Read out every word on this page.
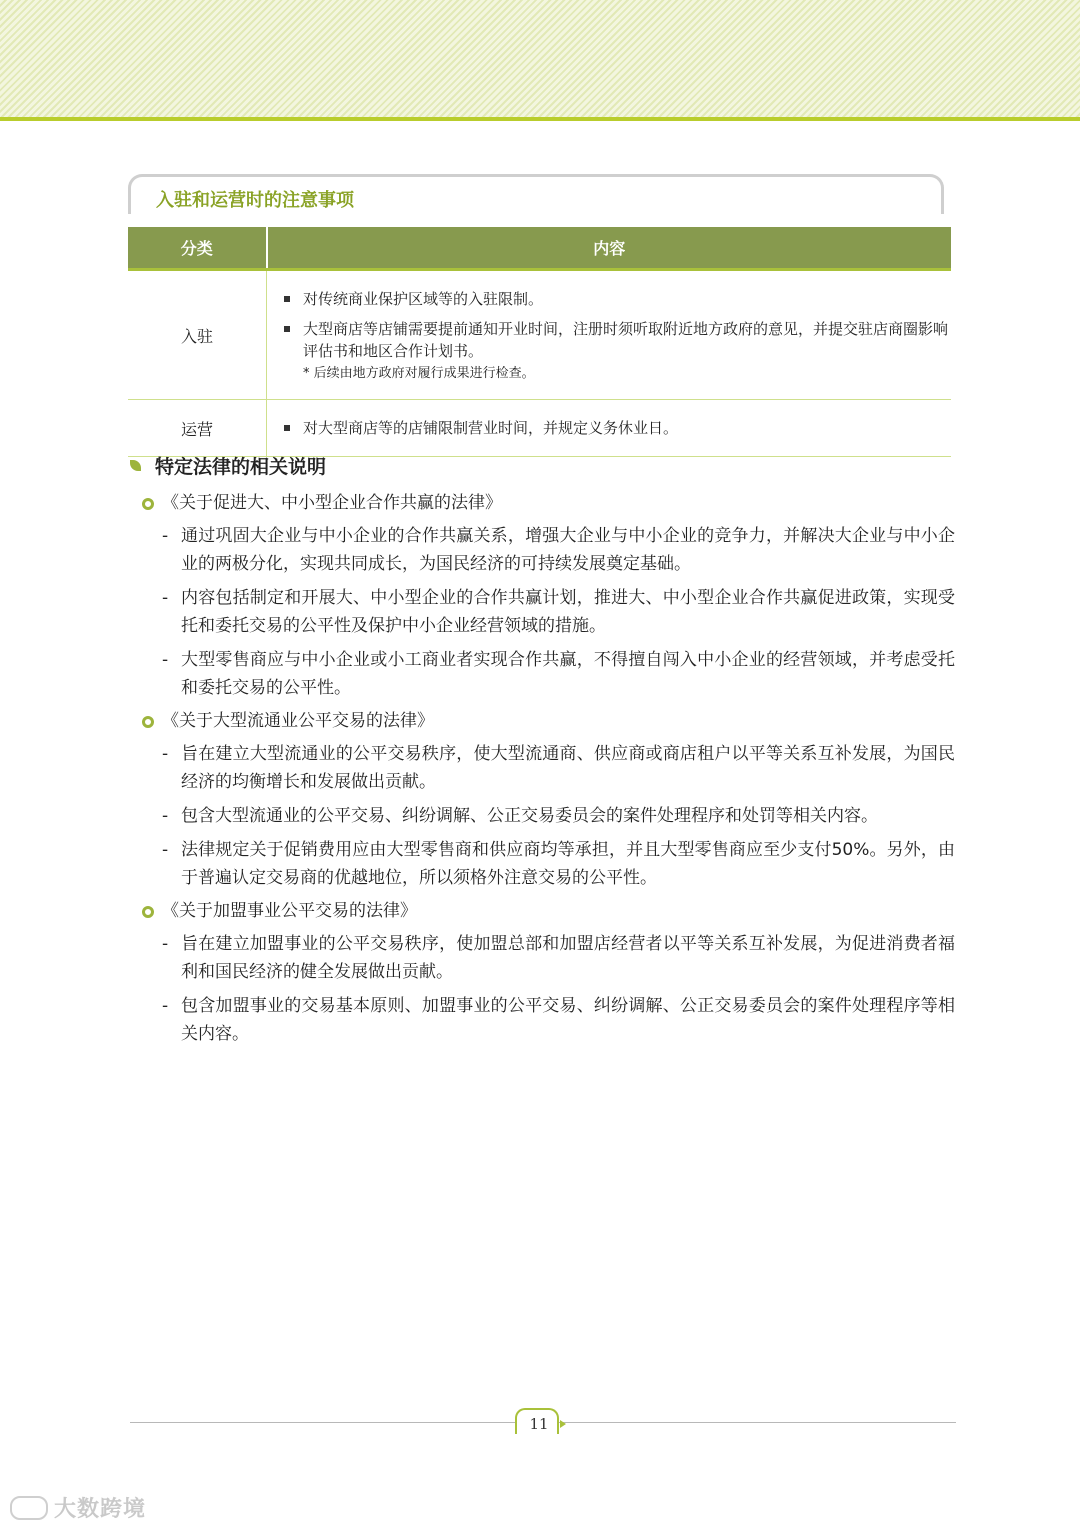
入驻和运营时的注意事项
分类	内容
入驻	对传统商业保护区域等的入驻限制。
大型商店等店铺需要提前通知开业时间，注册时须听取附近地方政府的意见，并提交驻店商圈影响评估书和地区合作计划书。
* 后续由地方政府对履行成果进行检查。

运营	对大型商店等的店铺限制营业时间，并规定义务休业日。
特定法律的相关说明
《关于促进大、中小型企业合作共赢的法律》
- 通过巩固大企业与中小企业的合作共赢关系，增强大企业与中小企业的竞争力，并解决大企业与中小企业的两极分化，实现共同成长，为国民经济的可持续发展奠定基础。
- 内容包括制定和开展大、中小型企业的合作共赢计划，推进大、中小型企业合作共赢促进政策，实现受托和委托交易的公平性及保护中小企业经营领域的措施。
- 大型零售商应与中小企业或小工商业者实现合作共赢，不得擅自闯入中小企业的经营领域，并考虑受托和委托交易的公平性。
《关于大型流通业公平交易的法律》
- 旨在建立大型流通业的公平交易秩序，使大型流通商、供应商或商店租户以平等关系互补发展，为国民经济的均衡增长和发展做出贡献。
- 包含大型流通业的公平交易、纠纷调解、公正交易委员会的案件处理程序和处罚等相关内容。
- 法律规定关于促销费用应由大型零售商和供应商均等承担，并且大型零售商应至少支付50%。另外，由于普遍认定交易商的优越地位，所以须格外注意交易的公平性。
《关于加盟事业公平交易的法律》
- 旨在建立加盟事业的公平交易秩序，使加盟总部和加盟店经营者以平等关系互补发展，为促进消费者福利和国民经济的健全发展做出贡献。
- 包含加盟事业的交易基本原则、加盟事业的公平交易、纠纷调解、公正交易委员会的案件处理程序等相关内容。
11
大数跨境
